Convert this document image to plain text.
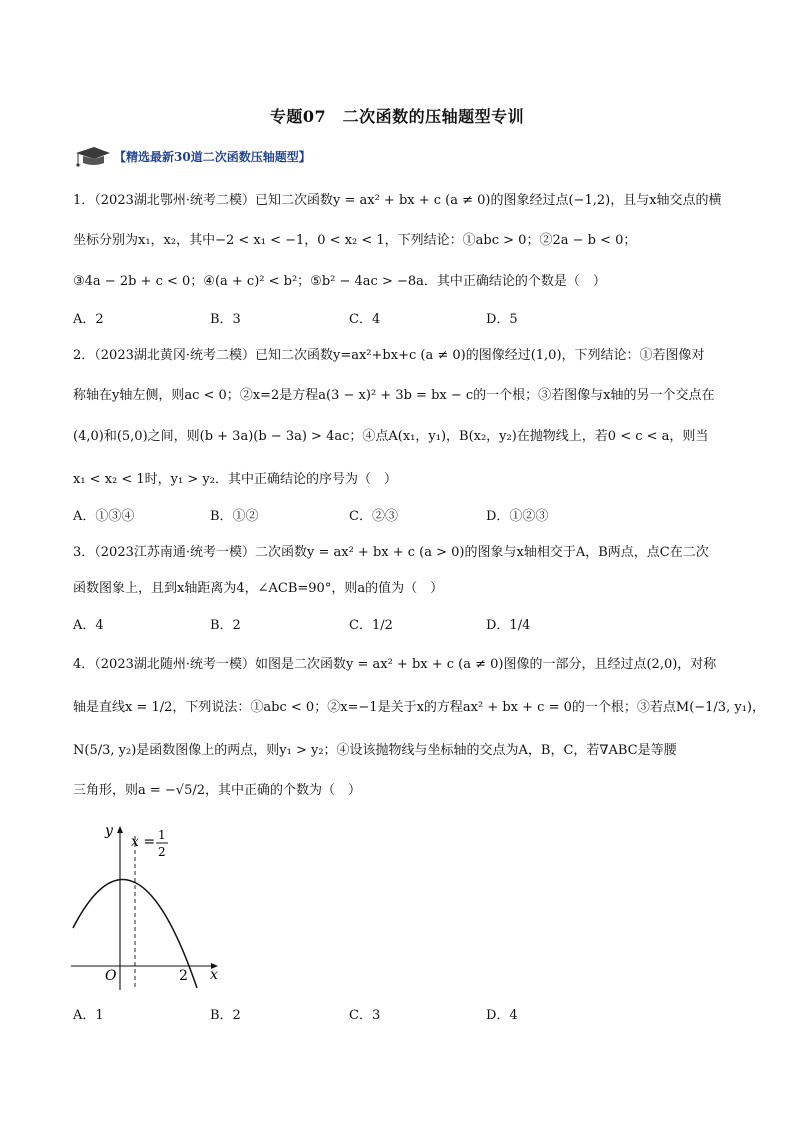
专题07　二次函数的压轴题型专训
【精选最新30道二次函数压轴题型】
1．（2023湖北鄂州·统考二模）已知二次函数y = ax² + bx + c (a ≠ 0)的图象经过点(−1,2)，且与x轴交点的横
坐标分别为x₁，x₂，其中−2 < x₁ < −1，0 < x₂ < 1，下列结论：①abc > 0；②2a − b < 0；
③4a − 2b + c < 0；④(a + c)² < b²；⑤b² − 4ac > −8a．其中正确结论的个数是（　）
A．2	B．3	C．4	D．5
2．（2023湖北黄冈·统考二模）已知二次函数y=ax²+bx+c (a ≠ 0)的图像经过(1,0)，下列结论：①若图像对
称轴在y轴左侧，则ac < 0；②x=2是方程a(3 − x)² + 3b = bx − c的一个根；③若图像与x轴的另一个交点在
(4,0)和(5,0)之间，则(b + 3a)(b − 3a) > 4ac；④点A(x₁，y₁)，B(x₂，y₂)在抛物线上，若0 < c < a，则当
x₁ < x₂ < 1时，y₁ > y₂．其中正确结论的序号为（　）
A．①③④	B．①②	C．②③	D．①②③
3．（2023江苏南通·统考一模）二次函数y = ax² + bx + c (a > 0)的图象与x轴相交于A，B两点，点C在二次
函数图象上，且到x轴距离为4，∠ACB=90°，则a的值为（　）
A．4	B．2	C．1/2	D．1/4
4．（2023湖北随州·统考一模）如图是二次函数y = ax² + bx + c (a ≠ 0)图像的一部分，且经过点(2,0)，对称
轴是直线x = 1/2，下列说法：①abc < 0；②x=−1是关于x的方程ax² + bx + c = 0的一个根；③若点M(−1/3, y₁)，
N(5/3, y₂)是函数图像上的两点，则y₁ > y₂；④设该抛物线与坐标轴的交点为A，B，C，若∇ABC是等腰
三角形，则a = −√5/2，其中正确的个数为（　）
y
x
O	2
x = 1
2
A．1	B．2	C．3	D．4
